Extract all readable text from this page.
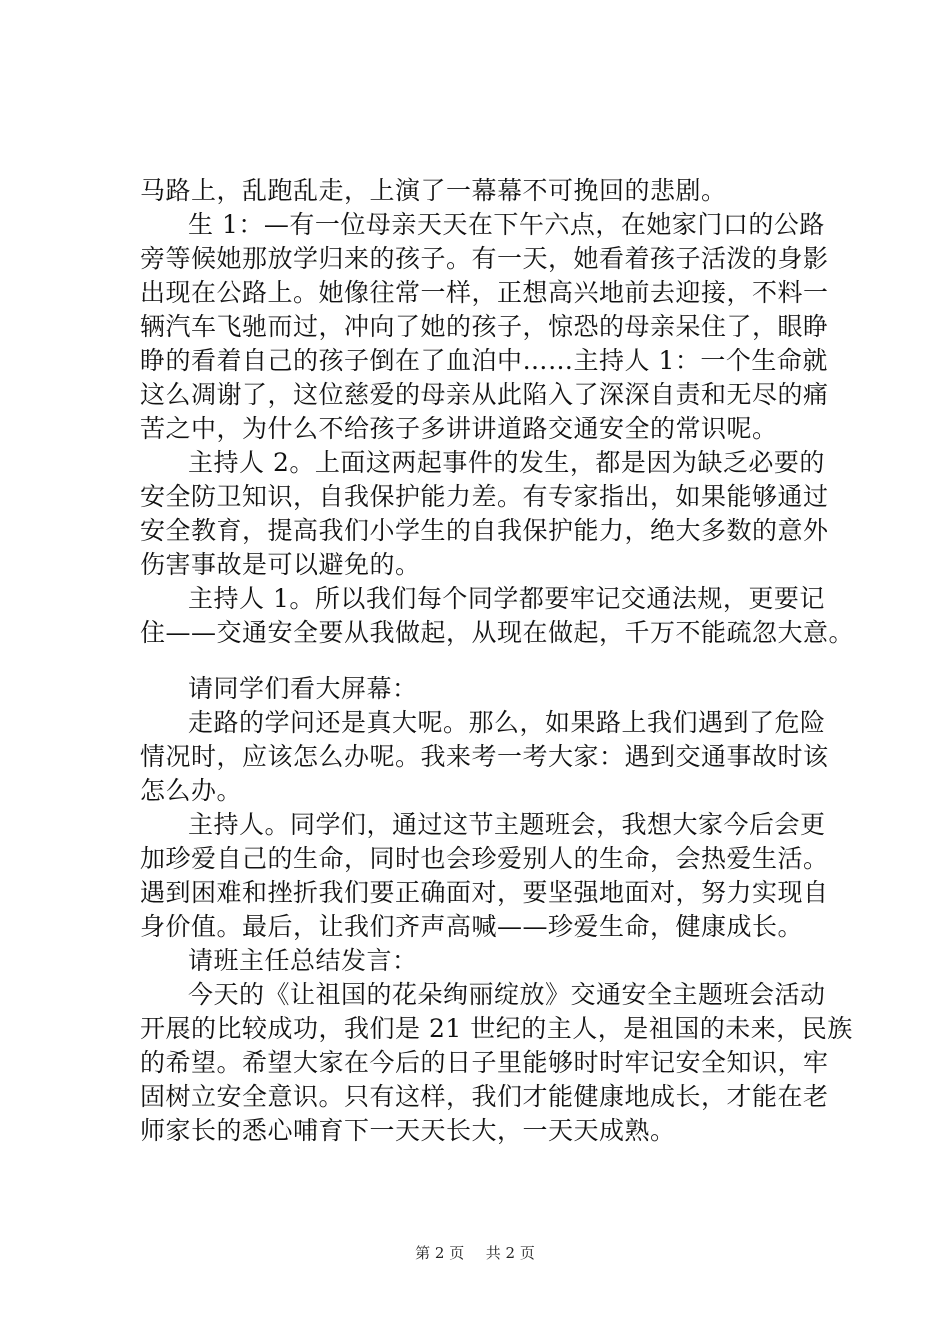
马路上，乱跑乱走，上演了一幕幕不可挽回的悲剧。
生 1：—有一位母亲天天在下午六点，在她家门口的公路
旁等候她那放学归来的孩子。有一天，她看着孩子活泼的身影
出现在公路上。她像往常一样，正想高兴地前去迎接，不料一
辆汽车飞驰而过，冲向了她的孩子，惊恐的母亲呆住了，眼睁
睁的看着自己的孩子倒在了血泊中……主持人 1：一个生命就
这么凋谢了，这位慈爱的母亲从此陷入了深深自责和无尽的痛
苦之中，为什么不给孩子多讲讲道路交通安全的常识呢。
主持人 2。上面这两起事件的发生，都是因为缺乏必要的
安全防卫知识，自我保护能力差。有专家指出，如果能够通过
安全教育，提高我们小学生的自我保护能力，绝大多数的意外
伤害事故是可以避免的。
主持人 1。所以我们每个同学都要牢记交通法规，更要记
住——交通安全要从我做起，从现在做起，千万不能疏忽大意。
请同学们看大屏幕：
走路的学问还是真大呢。那么，如果路上我们遇到了危险
情况时，应该怎么办呢。我来考一考大家：遇到交通事故时该
怎么办。
主持人。同学们，通过这节主题班会，我想大家今后会更
加珍爱自己的生命，同时也会珍爱别人的生命，会热爱生活。
遇到困难和挫折我们要正确面对，要坚强地面对，努力实现自
身价值。最后，让我们齐声高喊——珍爱生命，健康成长。
请班主任总结发言：
今天的《让祖国的花朵绚丽绽放》交通安全主题班会活动
开展的比较成功，我们是 21 世纪的主人，是祖国的未来，民族
的希望。希望大家在今后的日子里能够时时牢记安全知识，牢
固树立安全意识。只有这样，我们才能健康地成长，才能在老
师家长的悉心哺育下一天天长大，一天天成熟。
第 2 页 共 2 页
